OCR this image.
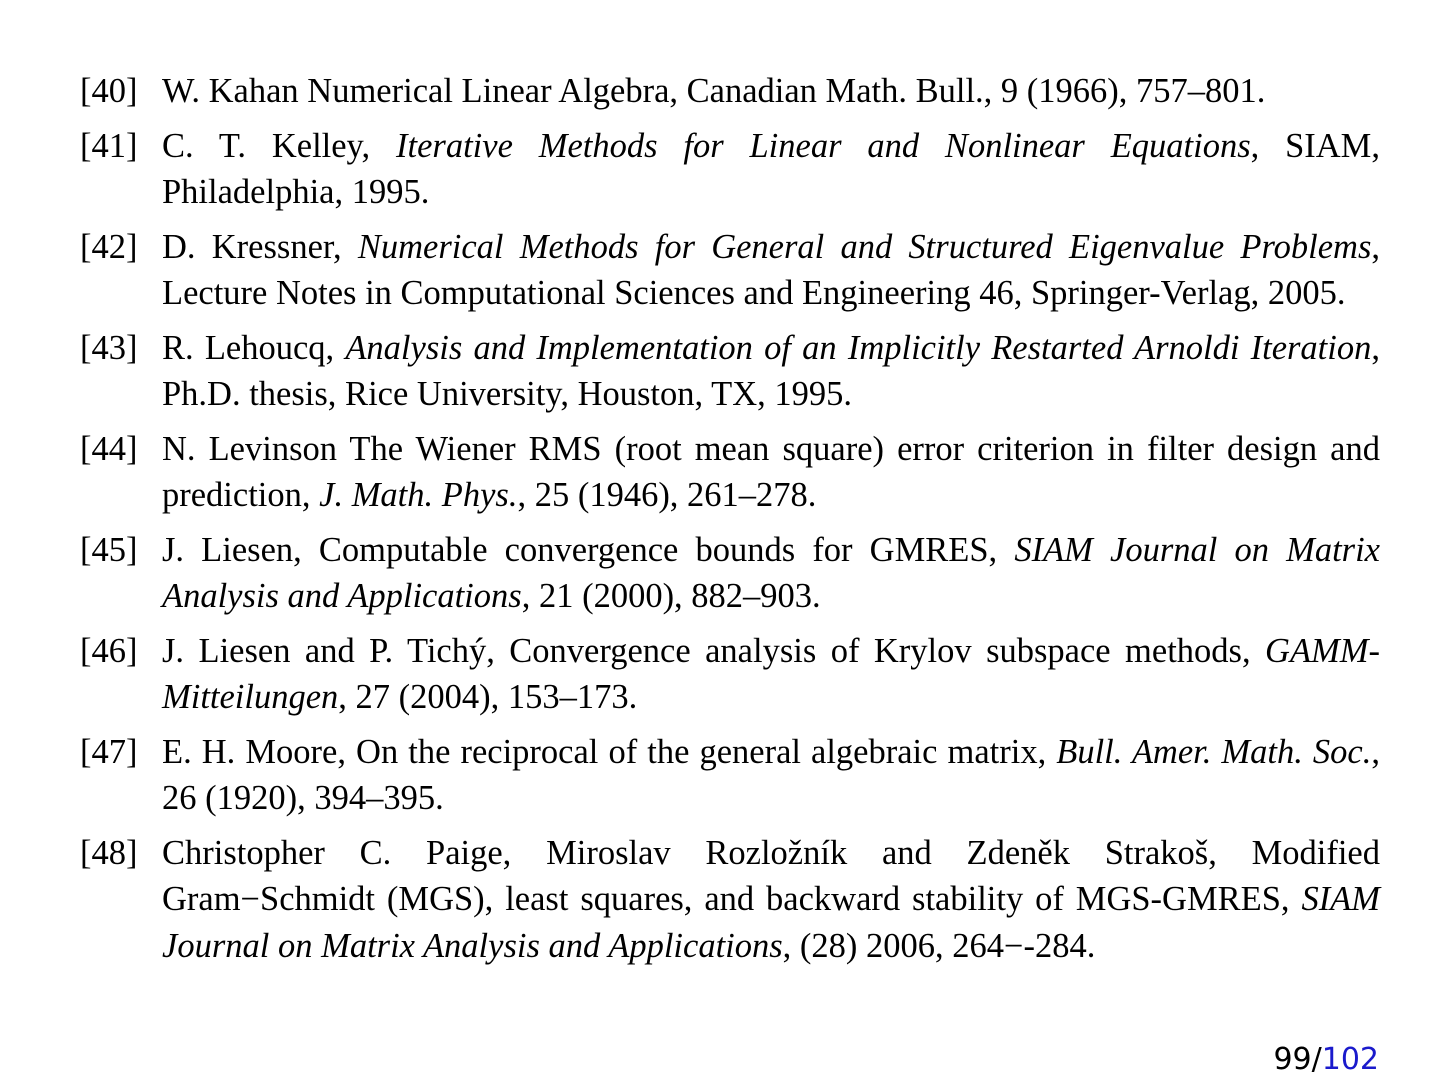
[40] W. Kahan Numerical Linear Algebra, Canadian Math. Bull., 9 (1966), 757–801.
[41] C. T. Kelley, Iterative Methods for Linear and Nonlinear Equations, SIAM, Philadelphia, 1995.
[42] D. Kressner, Numerical Methods for General and Structured Eigenvalue Problems, Lecture Notes in Computational Sciences and Engineering 46, Springer-Verlag, 2005.
[43] R. Lehoucq, Analysis and Implementation of an Implicitly Restarted Arnoldi Iteration, Ph.D. thesis, Rice University, Houston, TX, 1995.
[44] N. Levinson The Wiener RMS (root mean square) error criterion in filter design and prediction, J. Math. Phys., 25 (1946), 261–278.
[45] J. Liesen, Computable convergence bounds for GMRES, SIAM Journal on Matrix Analysis and Applications, 21 (2000), 882–903.
[46] J. Liesen and P. Tichý, Convergence analysis of Krylov subspace methods, GAMM-Mitteilungen, 27 (2004), 153–173.
[47] E. H. Moore, On the reciprocal of the general algebraic matrix, Bull. Amer. Math. Soc., 26 (1920), 394–395.
[48] Christopher C. Paige, Miroslav Rozložník and Zdeněk Strakoš, Modified Gram−Schmidt (MGS), least squares, and backward stability of MGS-GMRES, SIAM Journal on Matrix Analysis and Applications, (28) 2006, 264−-284.
99/102
